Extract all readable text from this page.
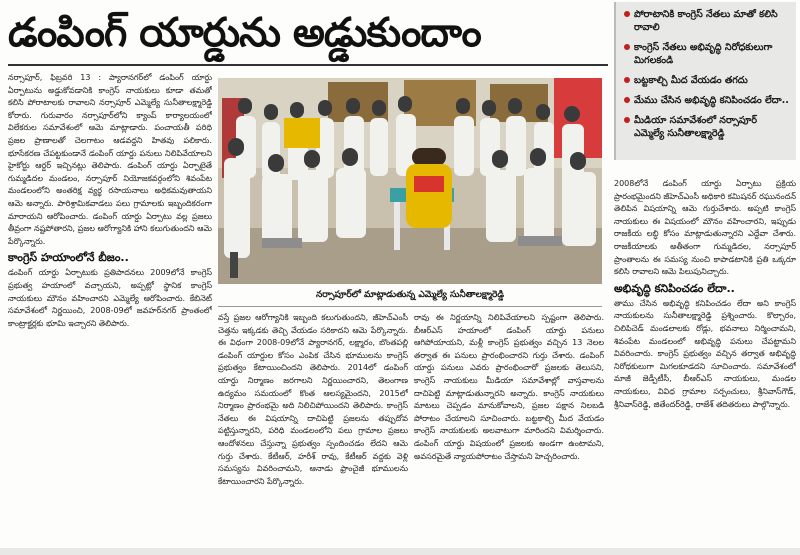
డంపింగ్ యార్డును అడ్డుకుందాం	పోరాటానికి కాంగ్రెస్ నేతలు మాతో కలిసి రావాలి
కాంగ్రెస్ నేతలు అభివృద్ధి నిరోధకులుగా మిగలకండి
బట్టకాల్చి మీద వేయడం తగదు
మేము చేసిన అభివృద్ధి కనిపించడం లేదా..
మీడియా సమావేశంలో నర్సాపూర్ ఎమ్మెల్యే సునీతాలక్ష్మారెడ్డి

నర్సాపూర్, ఫిబ్రవరి 13 : ప్యారానగర్‌లో డంపింగ్ యార్డు ఏర్పాటును అడ్డుకోవడానికి కాంగ్రెస్ నాయకులు కూడా తమతో కలిసి పోరాటాలకు రావాలని నర్సాపూర్ ఎమ్మెల్యే సునీతాలక్ష్మారెడ్డి కోరారు. గురువారం నర్సాపూర్‌లోని క్యాంప్ కార్యాలయంలో విలేకరుల సమావేశంలో ఆమె మాట్లాడారు. పంచాయతీ పరిధి ప్రజల ప్రాణాలతో చెలగాటం ఆడవద్దని హితవు పలికారు. భూసేకరణ చేపట్టకుండానే డంపింగ్ యార్డు పనులు నిలిపివేయాలని హైకోర్టు ఆర్డర్ ఇచ్చినట్లు తెలిపారు. డంపింగ్ యార్డు ఏర్పాటైతే గుమ్మడిదల మండలం, నర్సాపూర్ నియోజకవర్గంలోని శివంపేట మండలంలోని అంతరిక్ష వ్యర్థ రసాయనాలు అధికమవుతాయని ఆమె అన్నారు. పారిశ్రామికవాడలు పలు గ్రామాలకు ఇబ్బందికరంగా మారాయని ఆరోపించారు. డంపింగ్ యార్డు ఏర్పాటు వల్ల ప్రజలు తీవ్రంగా నష్టపోతారని, ప్రజల ఆరోగ్యానికి హాని కలుగుతుందని ఆమె పేర్కొన్నారు.

కాంగ్రెస్ హయాంలోనే బీజం..

డంపింగ్ యార్డు ఏర్పాటుకు ప్రతిపాదనలు 2009లోనే కాంగ్రెస్ ప్రభుత్వ హయాంలో వచ్చాయని, అప్పట్లో స్థానిక కాంగ్రెస్ నాయకులు మౌనం వహించారని ఎమ్మెల్యే ఆరోపించారు. కేబినెట్ సమావేశంలో నిర్ణయించి, 2008-09లో జవహర్‌నగర్ ప్రాంతంలో కాంట్రాక్టర్లకు భూమి ఇచ్చారని తెలిపారు.

నర్సాపూర్‌లో మాట్లాడుతున్న ఎమ్మెల్యే సునీతాలక్ష్మారెడ్డి

వస్తే ప్రజల ఆరోగ్యానికి ఇబ్బంది కలుగుతుందని, జీహెచ్‌ఎంసీ చెత్తను ఇక్కడకు తెచ్చి వేయడం సరికాదని ఆమె పేర్కొన్నారు. ఈ విధంగా 2008-09లోనే ప్యారానగర్, లక్ష్మారం, బొంతపల్లి డంపింగ్ యార్డుల కోసం ఎంపిక చేసిన భూములను కాంగ్రెస్ ప్రభుత్వం కేటాయించిందని తెలిపారు. 2014లో డంపింగ్ యార్డు నిర్మాణం జరగాలని నిర్ణయించారని, తెలంగాణ ఉద్యమం సమయంలో కొంత ఆలస్యమైందని, 2015లో నిర్మాణం ప్రారంభమై అది నిలిచిపోయిందని తెలిపారు. కాంగ్రెస్ నేతలు ఈ విషయాన్ని దాచిపెట్టి ప్రజలను తప్పుదోవ పట్టిస్తున్నారని, పరిధి మండలంలోని పలు గ్రామాల ప్రజలు ఆందోళనలు చేస్తున్నా ప్రభుత్వం స్పందించడం లేదని ఆమె గుర్తు చేశారు. కేటీఆర్, హరీశ్ రావు, కేటీఆర్ వద్దకు వెళ్లి సమస్యను వివరించామని, ఆనాడు ఫ్రాంచైజీ భూములను కేటాయించారని పేర్కొన్నారు.

రావు ఈ నిర్ణయాన్ని నిలిపివేయాలని స్పష్టంగా తెలిపారు. బీఆర్‌ఎస్ హయాంలో డంపింగ్ యార్డు పనులు ఆగిపోయాయని, మళ్లీ కాంగ్రెస్ ప్రభుత్వం వచ్చిన 13 నెలల తర్వాత ఈ పనులు ప్రారంభించారని గుర్తు చేశారు. డంపింగ్ యార్డు పనులు ఎవరు ప్రారంభించారో ప్రజలకు తెలుసని, కాంగ్రెస్ నాయకులు మీడియా సమావేశాల్లో వాస్తవాలను దాచిపెట్టి మాట్లాడుతున్నారని అన్నారు. కాంగ్రెస్ నాయకులు మాటలు చెప్పడం మానుకోవాలని, ప్రజల పక్షాన నిలబడి పోరాటం చేయాలని సూచించారు. బట్టకాల్చి మీద వేయడం కాంగ్రెస్ నాయకులకు అలవాటుగా మారిందని విమర్శించారు. డంపింగ్ యార్డు విషయంలో ప్రజలకు అండగా ఉంటామని, అవసరమైతే న్యాయపోరాటం చేస్తామని హెచ్చరించారు.

2008లోనే డంపింగ్ యార్డు ఏర్పాటు ప్రక్రియ ప్రారంభమైందని జీహెచ్‌ఎంసీ అధికారి కమిషనర్ రఘునందన్ తెలిపిన విషయాన్ని ఆమె గుర్తుచేశారు. అప్పటి కాంగ్రెస్ నాయకులు ఈ విషయంలో మౌనం వహించారని, ఇప్పుడు రాజకీయ లబ్ధి కోసం మాట్లాడుతున్నారని ఎద్దేవా చేశారు. రాజకీయాలకు అతీతంగా గుమ్మడిదల, నర్సాపూర్ ప్రాంతాలను ఈ సమస్య నుంచి కాపాడటానికి ప్రతి ఒక్కరూ కలిసి రావాలని ఆమె పిలుపునిచ్చారు.

అభివృద్ధి కనిపించడం లేదా..

తాము చేసిన అభివృద్ధి కనిపించడం లేదా అని కాంగ్రెస్ నాయకులను సునీతాలక్ష్మారెడ్డి ప్రశ్నించారు. కొల్చారం, చిలిపిచెడ్ మండలాలకు రోడ్లు, భవనాలు నిర్మించామని, శివంపేట మండలంలో అభివృద్ధి పనులు చేపట్టామని వివరించారు. కాంగ్రెస్ ప్రభుత్వం వచ్చిన తర్వాత అభివృద్ధి నిరోధకులుగా మిగలకూడదని సూచించారు. సమావేశంలో మాజీ జెడ్పీటీసీ, బీఆర్‌ఎస్ నాయకులు, మండల నాయకులు, వివిధ గ్రామాల సర్పంచులు, శ్రీనివాస్‌గౌడ్, శ్రీనివాస్‌రెడ్డి, జితేందర్‌రెడ్డి, రాజేశ్ తదితరులు పాల్గొన్నారు.
